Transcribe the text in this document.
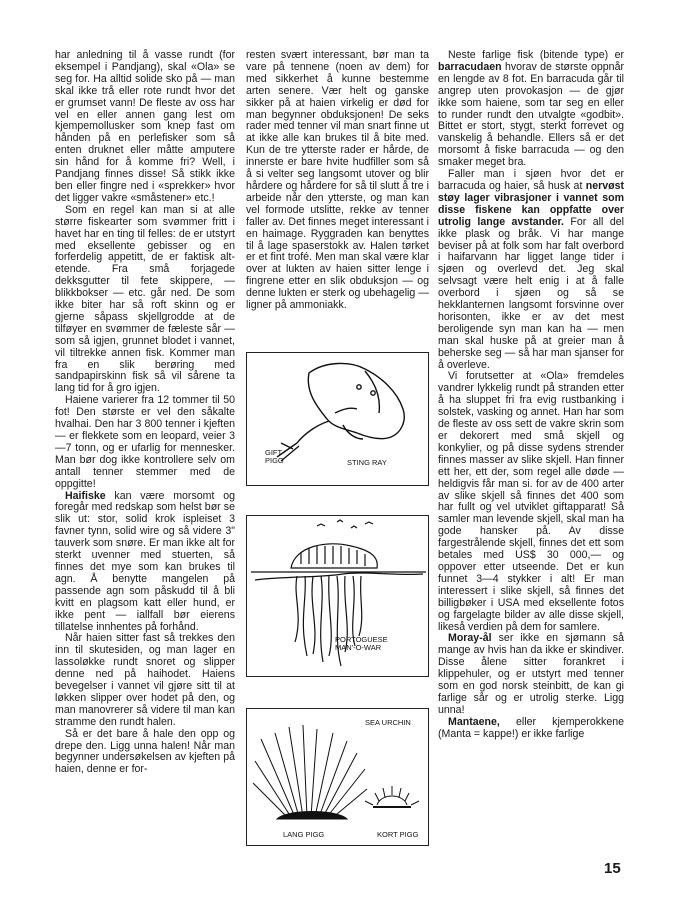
har anledning til å vasse rundt (for eksempel i Pandjang), skal «Ola» se seg for. Ha alltid solide sko på — man skal ikke trå eller rote rundt hvor det er grumset vann! De fleste av oss har vel en eller annen gang lest om kjempemollusker som knep fast om hånden på en perlefisker som så enten druknet eller måtte amputere sin hånd for å komme fri? Well, i Pandjang finnes disse! Så stikk ikke ben eller fingre ned i «sprekker» hvor det ligger vakre «småstener» etc.!

Som en regel kan man si at alle større fiskearter som svømmer fritt i havet har en ting til felles: de er utstyrt med eksellente gebisser og en forferdelig appetitt, de er faktisk alt-etende. Fra små forjagede dekksgutter til fete skippere, — blikkbokser — etc. går ned. De som ikke biter har så roft skinn og er gjerne såpass skjellgrodde at de tilføyer en svømmer de fæleste sår — som så igjen, grunnet blodet i vannet, vil tiltrekke annen fisk. Kommer man fra en slik berøring med sandpapirskinn fisk så vil sårene ta lang tid for å gro igjen.

Haiene varierer fra 12 tommer til 50 fot! Den største er vel den såkalte hvalhai. Den har 3 800 tenner i kjeften — er flekkete som en leopard, veier 3—7 tonn, og er ufarlig for mennesker. Man bør dog ikke kontrollere selv om antall tenner stemmer med de oppgitte!

Haifiske kan være morsomt og foregår med redskap som helst bør se slik ut: stor, solid krok ispleiset 3 favner tynn, solid wire og så videre 3" tauverk som snøre. Er man ikke alt for sterkt uvenner med stuerten, så finnes det mye som kan brukes til agn. Å benytte mangelen på passende agn som påskudd til å bli kvitt en plagsom katt eller hund, er ikke pent — iallfall bør eierens tillatelse innhentes på forhånd.

Når haien sitter fast så trekkes den inn til skutesiden, og man lager en lassoløkke rundt snoret og slipper denne ned på haihodet. Haiens bevegelser i vannet vil gjøre sitt til at løkken slipper over hodet på den, og man manovrerer så videre til man kan stramme den rundt halen.

Så er det bare å hale den opp og drepe den. Ligg unna halen! Når man begynner undersøkelsen av kjeften på haien, denne er for-

resten svært interessant, bør man ta vare på tennene (noen av dem) for med sikkerhet å kunne bestemme arten senere. Vær helt og ganske sikker på at haien virkelig er død for man begynner obduksjonen! De seks rader med tenner vil man snart finne ut at ikke alle kan brukes til å bite med. Kun de tre ytterste rader er hårde, de innerste er bare hvite hudfiller som så å si velter seg langsomt utover og blir hårdere og hårdere for så til slutt å tre i arbeide når den ytterste, og man kan vel formode utslitte, rekke av tenner faller av. Det finnes meget interessant i en haimage. Ryggraden kan benyttes til å lage spaserstokk av. Halen tørket er et fint trofé. Men man skal være klar over at lukten av haien sitter lenge i fingrene etter en slik obduksjon — og denne lukten er sterk og ubehagelig — ligner på ammoniakk.

GIFT
PIGG	STING RAY
PORTOGUESE
MAN'-O-WAR
SEA URCHIN
LANG PIGG	KORT PIGG

Neste farlige fisk (bitende type) er barracudaen hvorav de største oppnår en lengde av 8 fot. En barracuda går til angrep uten provokasjon — de gjør ikke som haiene, som tar seg en eller to runder rundt den utvalgte «godbit». Bittet er stort, stygt, sterkt forrevet og vanskelig å behandle. Ellers så er det morsomt å fiske barracuda — og den smaker meget bra.

Faller man i sjøen hvor det er barracuda og haier, så husk at nervøst støy lager vibrasjoner i vannet som disse fiskene kan oppfatte over utrolig lange avstander. For all del ikke plask og bråk. Vi har mange beviser på at folk som har falt overbord i haifarvann har ligget lange tider i sjøen og overlevd det. Jeg skal selvsagt være helt enig i at å falle overbord i sjøen og så se hekklanternen langsomt forsvinne over horisonten, ikke er av det mest beroligende syn man kan ha — men man skal huske på at greier man å beherske seg — så har man sjanser for å overleve.

Vi forutsetter at «Ola» fremdeles vandrer lykkelig rundt på stranden etter å ha sluppet fri fra evig rustbanking i solstek, vasking og annet. Han har som de fleste av oss sett de vakre skrin som er dekorert med små skjell og konkylier, og på disse sydens strender finnes masser av slike skjell. Han finner ett her, ett der, som regel alle døde — heldigvis får man si. for av de 400 arter av slike skjell så finnes det 400 som har fullt og vel utviklet giftapparat! Så samler man levende skjell, skal man ha gode hansker på. Av disse fargestrålende skjell, finnes det ett som betales med US$ 30 000,— og oppover etter utseende. Det er kun funnet 3—4 stykker i alt! Er man interessert i slike skjell, så finnes det billigbøker i USA med eksellente fotos og fargelagte bilder av alle disse skjell, likeså verdien på dem for samlere.

Moray-ål ser ikke en sjømann så mange av hvis han da ikke er skindiver. Disse ålene sitter forankret i klippehuler, og er utstyrt med tenner som en god norsk steinbitt, de kan gi farlige sår og er utrolig sterke. Ligg unna!

Mantaene, eller kjemperokkene (Manta = kappe!) er ikke farlige

15
